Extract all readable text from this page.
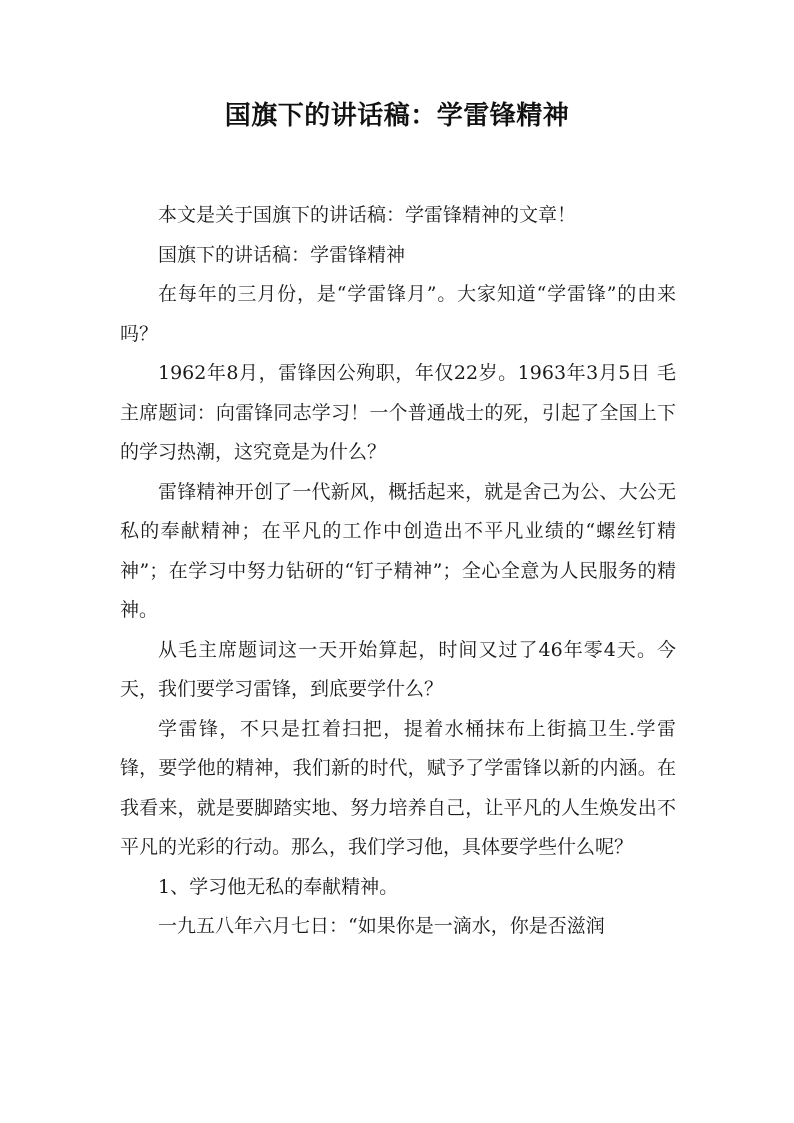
国旗下的讲话稿：学雷锋精神

本文是关于国旗下的讲话稿：学雷锋精神的文章！

国旗下的讲话稿：学雷锋精神

在每年的三月份，是“学雷锋月”。大家知道“学雷锋”的由来吗？

1962年8月，雷锋因公殉职，年仅22岁。1963年3月5日 毛主席题词：向雷锋同志学习！一个普通战士的死，引起了全国上下的学习热潮，这究竟是为什么？

雷锋精神开创了一代新风，概括起来，就是舍己为公、大公无私的奉献精神；在平凡的工作中创造出不平凡业绩的“螺丝钉精神”；在学习中努力钻研的“钉子精神”；全心全意为人民服务的精神。

从毛主席题词这一天开始算起，时间又过了46年零4天。今天，我们要学习雷锋，到底要学什么？

学雷锋，不只是扛着扫把，提着水桶抹布上街搞卫生.学雷锋，要学他的精神，我们新的时代，赋予了学雷锋以新的内涵。在我看来，就是要脚踏实地、努力培养自己，让平凡的人生焕发出不平凡的光彩的行动。那么，我们学习他，具体要学些什么呢？

1、学习他无私的奉献精神。

一九五八年六月七日：“如果你是一滴水，你是否滋润
